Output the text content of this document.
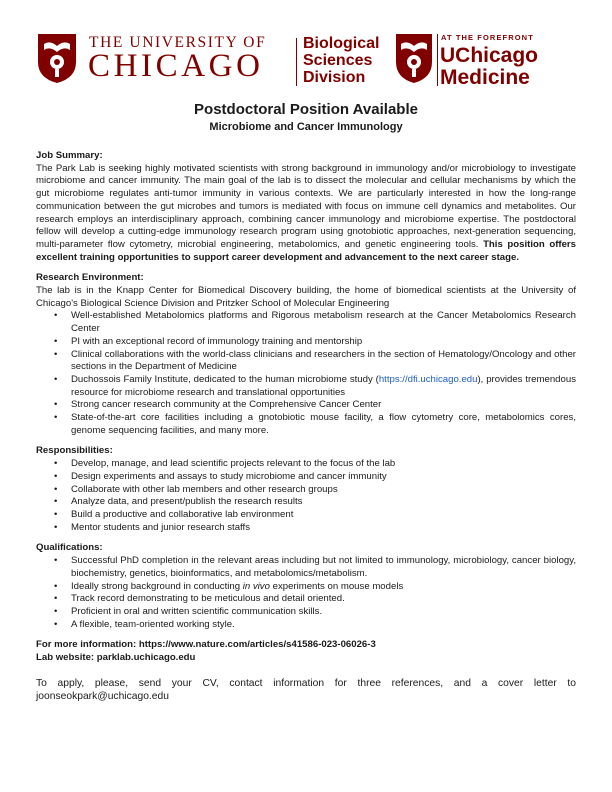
THE UNIVERSITY OF
CHICAGO
Biological
Sciences
Division
AT THE FOREFRONT
UChicago
Medicine
Postdoctoral Position Available
Microbiome and Cancer Immunology
Job Summary:
The Park Lab is seeking highly motivated scientists with strong background in immunology and/or microbiology to investigate microbiome and cancer immunity. The main goal of the lab is to dissect the molecular and cellular mechanisms by which the gut microbiome regulates anti-tumor immunity in various contexts. We are particularly interested in how the long-range communication between the gut microbes and tumors is mediated with focus on immune cell dynamics and metabolites. Our research employs an interdisciplinary approach, combining cancer immunology and microbiome expertise. The postdoctoral fellow will develop a cutting-edge immunology research program using gnotobiotic approaches, next-generation sequencing, multi-parameter flow cytometry, microbial engineering, metabolomics, and genetic engineering tools. This position offers excellent training opportunities to support career development and advancement to the next career stage.
Research Environment:
The lab is in the Knapp Center for Biomedical Discovery building, the home of biomedical scientists at the University of Chicago's Biological Science Division and Pritzker School of Molecular Engineering
• Well-established Metabolomics platforms and Rigorous metabolism research at the Cancer Metabolomics Research Center
• PI with an exceptional record of immunology training and mentorship
• Clinical collaborations with the world-class clinicians and researchers in the section of Hematology/Oncology and other sections in the Department of Medicine
• Duchossois Family Institute, dedicated to the human microbiome study (https://dfi.uchicago.edu), provides tremendous resource for microbiome research and translational opportunities
• Strong cancer research community at the Comprehensive Cancer Center
• State-of-the-art core facilities including a gnotobiotic mouse facility, a flow cytometry core, metabolomics cores, genome sequencing facilities, and many more.
Responsibilities:
• Develop, manage, and lead scientific projects relevant to the focus of the lab
• Design experiments and assays to study microbiome and cancer immunity
• Collaborate with other lab members and other research groups
• Analyze data, and present/publish the research results
• Build a productive and collaborative lab environment
• Mentor students and junior research staffs
Qualifications:
• Successful PhD completion in the relevant areas including but not limited to immunology, microbiology, cancer biology, biochemistry, genetics, bioinformatics, and metabolomics/metabolism.
• Ideally strong background in conducting in vivo experiments on mouse models
• Track record demonstrating to be meticulous and detail oriented.
• Proficient in oral and written scientific communication skills.
• A flexible, team-oriented working style.
For more information: https://www.nature.com/articles/s41586-023-06026-3
Lab website: parklab.uchicago.edu
To apply, please, send your CV, contact information for three references, and a cover letter to joonseokpark@uchicago.edu
